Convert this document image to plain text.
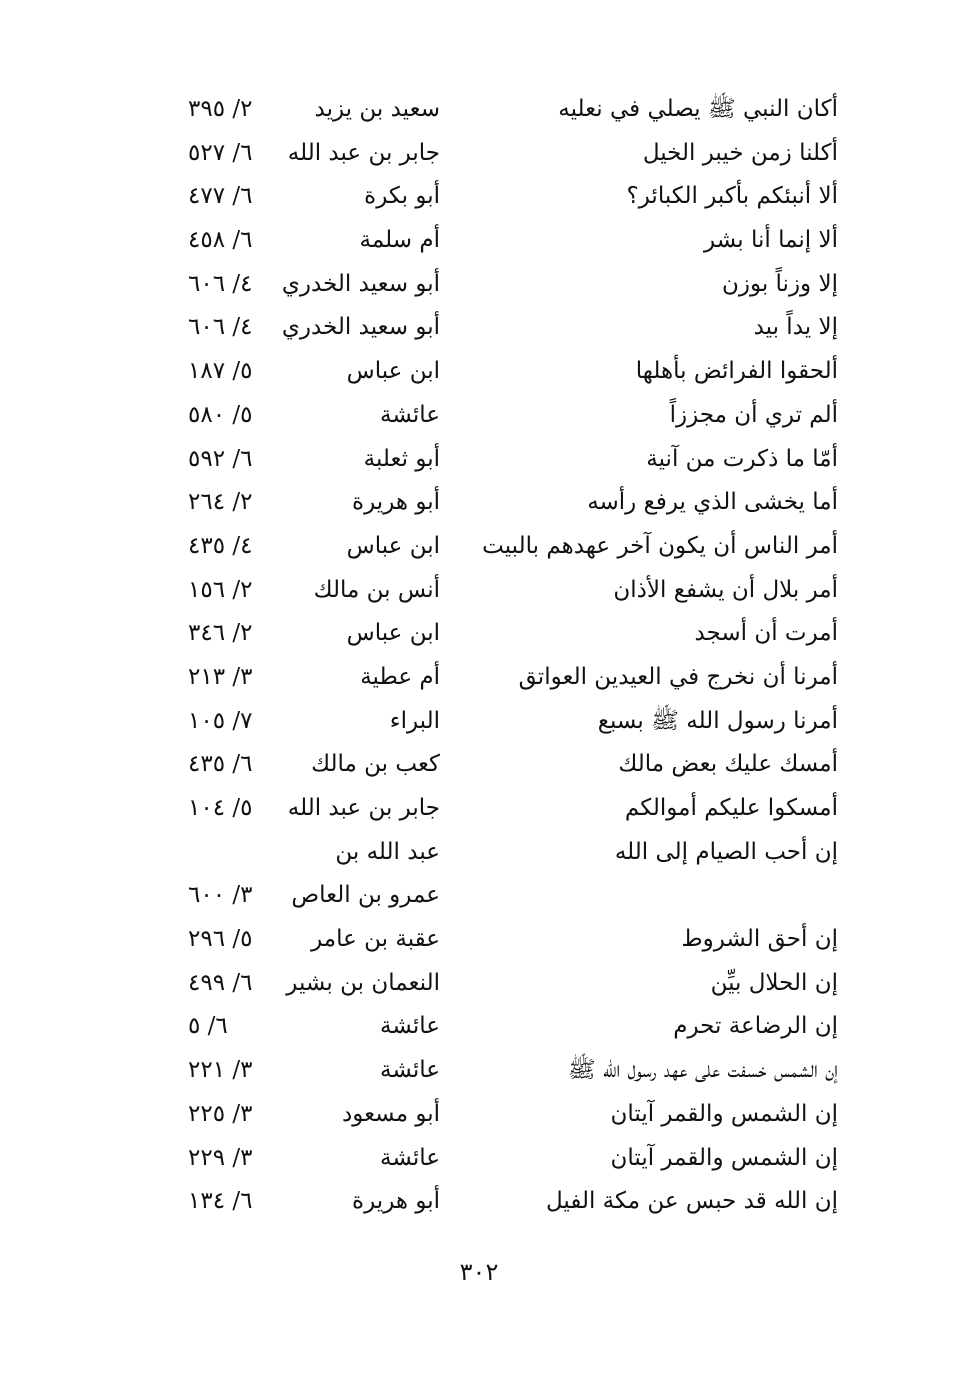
أكان النبي ﷺ يصلي في نعليه
سعيد بن يزيد
٢/ ٣٩٥
أكلنا زمن خيبر الخيل
جابر بن عبد الله
٦/ ٥٢٧
ألا أنبئكم بأكبر الكبائر؟
أبو بكرة
٦/ ٤٧٧
ألا إنما أنا بشر
أم سلمة
٦/ ٤٥٨
إلا وزناً بوزن
أبو سعيد الخدري
٤/ ٦٠٦
إلا يداً بيد
أبو سعيد الخدري
٤/ ٦٠٦
ألحقوا الفرائض بأهلها
ابن عباس
٥/ ١٨٧
ألم تري أن مجززاً
عائشة
٥/ ٥٨٠
أمّا ما ذكرت من آنية
أبو ثعلبة
٦/ ٥٩٢
أما يخشى الذي يرفع رأسه
أبو هريرة
٢/ ٢٦٤
أمر الناس أن يكون آخر عهدهم بالبيت
ابن عباس
٤/ ٤٣٥
أمر بلال أن يشفع الأذان
أنس بن مالك
٢/ ١٥٦
أمرت أن أسجد
ابن عباس
٢/ ٣٤٦
أمرنا أن نخرج في العيدين العواتق
أم عطية
٣/ ٢١٣
أمرنا رسول الله ﷺ بسبع
البراء
٧/ ١٠٥
أمسك عليك بعض مالك
كعب بن مالك
٦/ ٤٣٥
أمسكوا عليكم أموالكم
جابر بن عبد الله
٥/ ١٠٤
إن أحب الصيام إلى الله
عبد الله بن
عمرو بن العاص
٣/ ٦٠٠
إن أحق الشروط
عقبة بن عامر
٥/ ٢٩٦
إن الحلال بيِّن
النعمان بن بشير
٦/ ٤٩٩
إن الرضاعة تحرم
عائشة
٦/ ٥
إن الشمس خسفت على عهد رسول الله ﷺ
عائشة
٣/ ٢٢١
إن الشمس والقمر آيتان
أبو مسعود
٣/ ٢٢٥
إن الشمس والقمر آيتان
عائشة
٣/ ٢٢٩
إن الله قد حبس عن مكة الفيل
أبو هريرة
٦/ ١٣٤
٣٠٢
